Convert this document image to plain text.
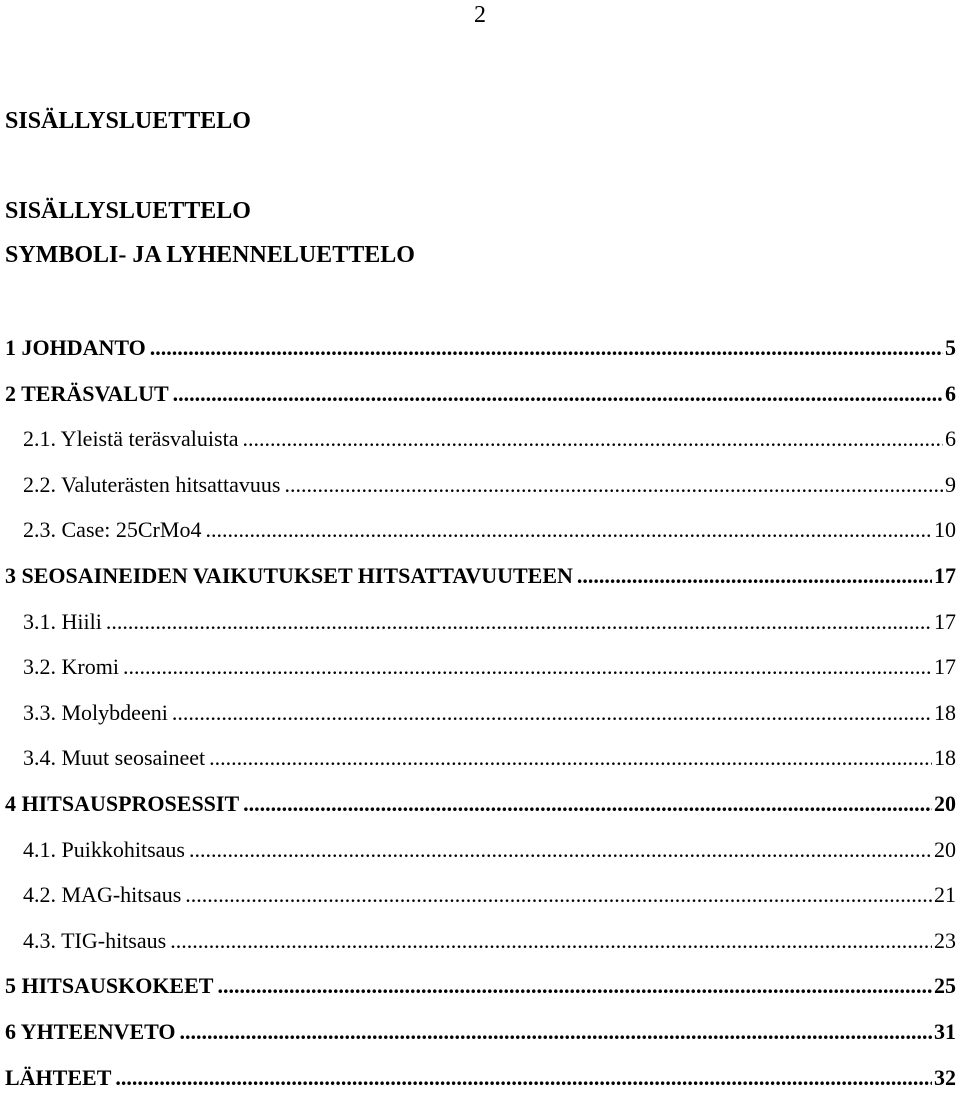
2
SISÄLLYSLUETTELO
SISÄLLYSLUETTELO
SYMBOLI- JA LYHENNELUETTELO
1 JOHDANTO .....	5
2 TERÄSVALUT .....	6
2.1. Yleistä teräsvaluista .....	6
2.2. Valuterästen hitsattavuus .....	9
2.3. Case: 25CrMo4 .....	10
3 SEOSAINEIDEN VAIKUTUKSET HITSATTAVUUTEEN .....	17
3.1. Hiili .....	17
3.2. Kromi .....	17
3.3. Molybdeeni .....	18
3.4. Muut seosaineet .....	18
4 HITSAUSPROSESSIT .....	20
4.1. Puikkohitsaus .....	20
4.2. MAG-hitsaus .....	21
4.3. TIG-hitsaus .....	23
5 HITSAUSKOKEET .....	25
6 YHTEENVETO .....	31
LÄHTEET .....	32
